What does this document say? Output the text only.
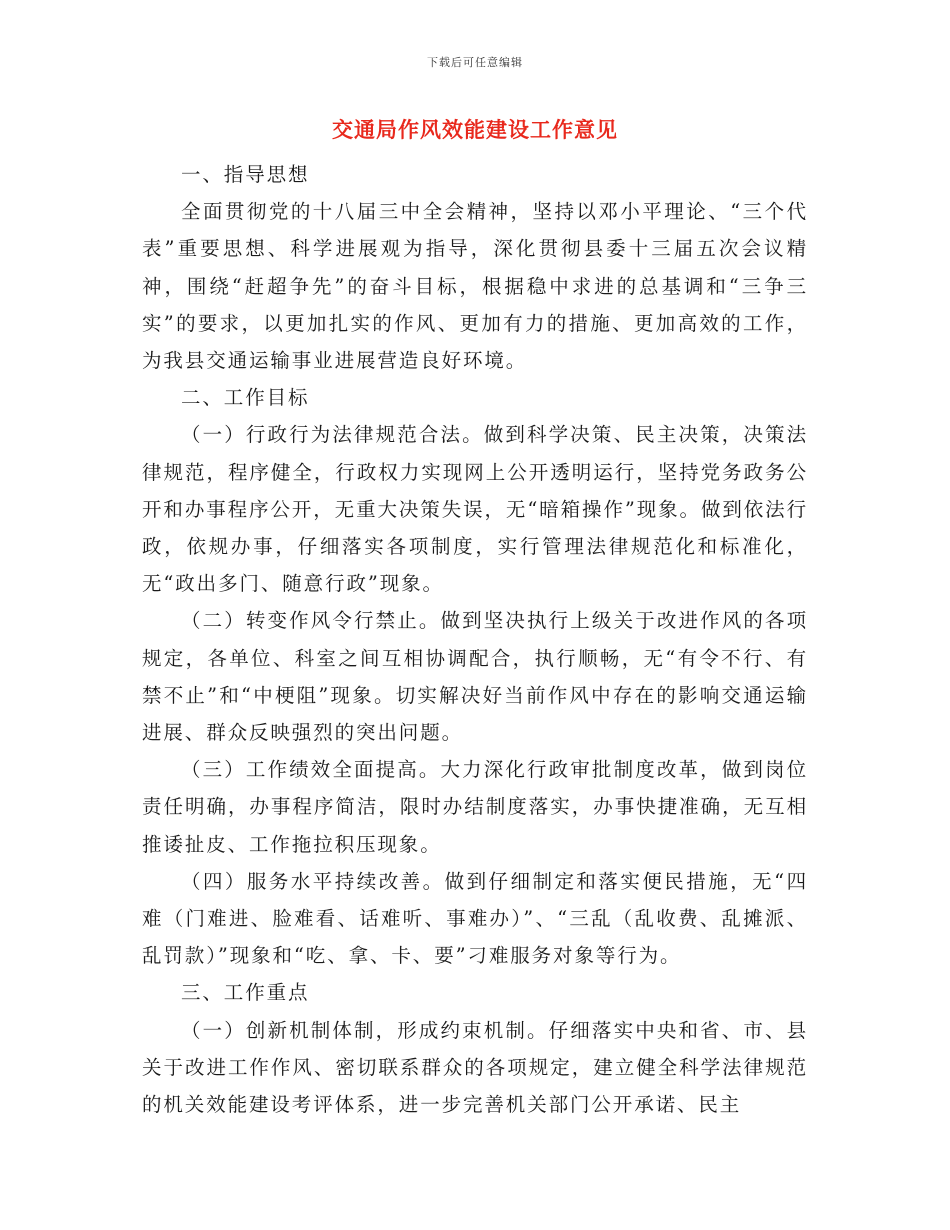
下载后可任意编辑
交通局作风效能建设工作意见

一、指导思想

全面贯彻党的十八届三中全会精神，坚持以邓小平理论、“三个代表”重要思想、科学进展观为指导，深化贯彻县委十三届五次会议精神，围绕“赶超争先”的奋斗目标，根据稳中求进的总基调和“三争三实”的要求，以更加扎实的作风、更加有力的措施、更加高效的工作，为我县交通运输事业进展营造良好环境。

二、工作目标

（一）行政行为法律规范合法。做到科学决策、民主决策，决策法律规范，程序健全，行政权力实现网上公开透明运行，坚持党务政务公开和办事程序公开，无重大决策失误，无“暗箱操作”现象。做到依法行政，依规办事，仔细落实各项制度，实行管理法律规范化和标准化，无“政出多门、随意行政”现象。

（二）转变作风令行禁止。做到坚决执行上级关于改进作风的各项规定，各单位、科室之间互相协调配合，执行顺畅，无“有令不行、有禁不止”和“中梗阻”现象。切实解决好当前作风中存在的影响交通运输进展、群众反映强烈的突出问题。

（三）工作绩效全面提高。大力深化行政审批制度改革，做到岗位责任明确，办事程序简洁，限时办结制度落实，办事快捷准确，无互相推诿扯皮、工作拖拉积压现象。

（四）服务水平持续改善。做到仔细制定和落实便民措施，无“四难（门难进、脸难看、话难听、事难办）”、“三乱（乱收费、乱摊派、乱罚款）”现象和“吃、拿、卡、要”刁难服务对象等行为。

三、工作重点

（一）创新机制体制，形成约束机制。仔细落实中央和省、市、县关于改进工作作风、密切联系群众的各项规定，建立健全科学法律规范的机关效能建设考评体系，进一步完善机关部门公开承诺、民主
